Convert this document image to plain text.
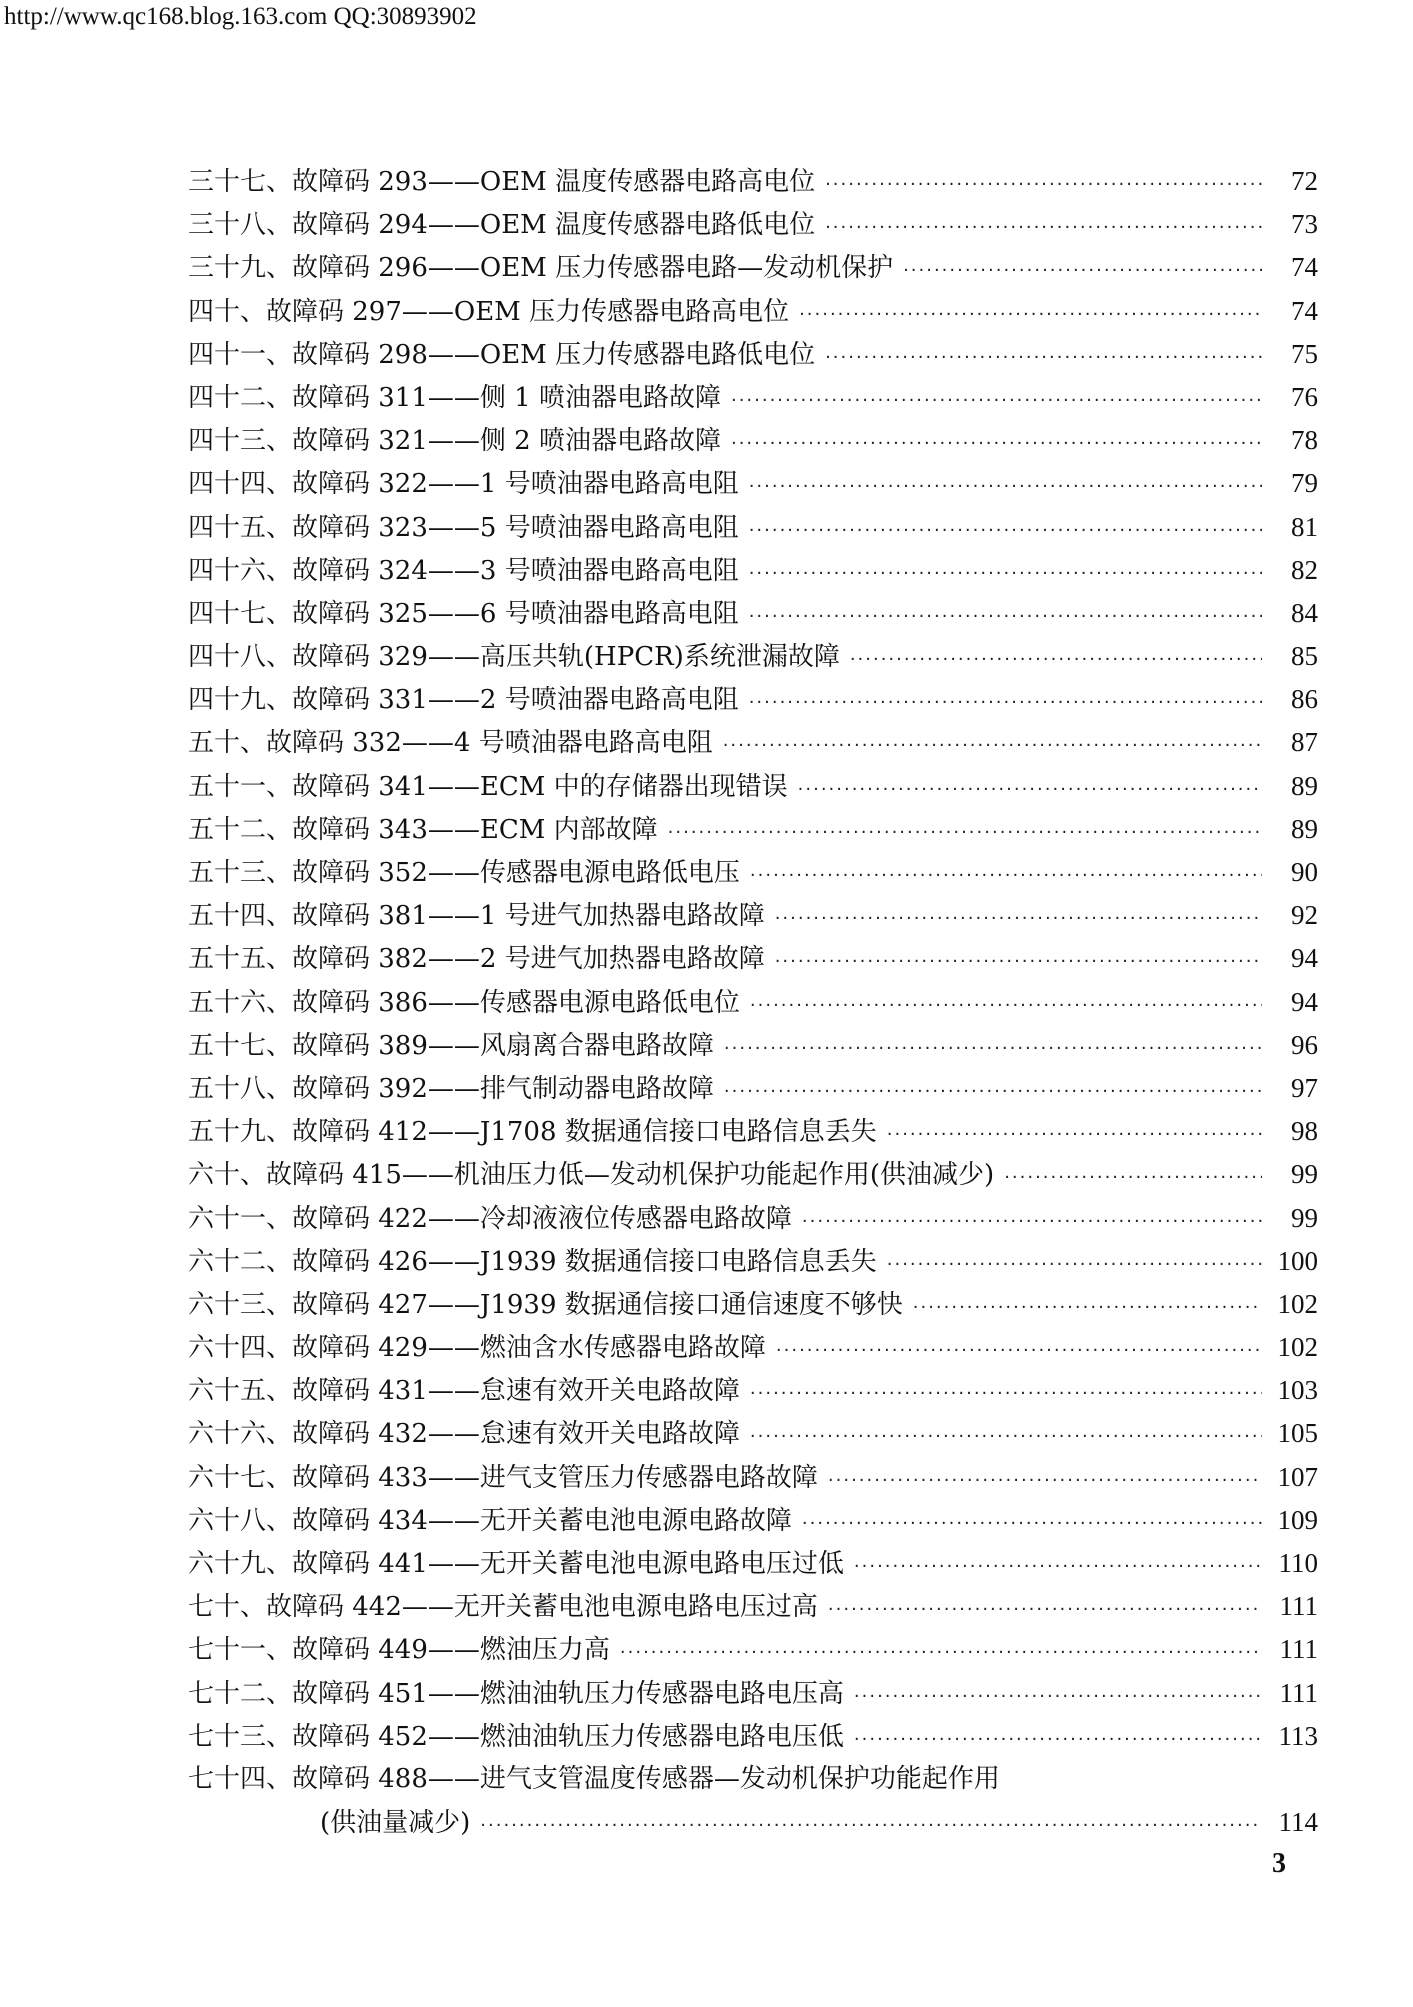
http://www.qc168.blog.163.com QQ:30893902
三十七、故障码 293——OEM 温度传感器电路高电位 ·····	72
三十八、故障码 294——OEM 温度传感器电路低电位 ·····	73
三十九、故障码 296——OEM 压力传感器电路—发动机保护 ·····	74
四十、故障码 297——OEM 压力传感器电路高电位 ·····	74
四十一、故障码 298——OEM 压力传感器电路低电位 ·····	75
四十二、故障码 311——侧 1 喷油器电路故障 ·····	76
四十三、故障码 321——侧 2 喷油器电路故障 ·····	78
四十四、故障码 322——1 号喷油器电路高电阻 ·····	79
四十五、故障码 323——5 号喷油器电路高电阻 ·····	81
四十六、故障码 324——3 号喷油器电路高电阻 ·····	82
四十七、故障码 325——6 号喷油器电路高电阻 ·····	84
四十八、故障码 329——高压共轨(HPCR)系统泄漏故障 ·····	85
四十九、故障码 331——2 号喷油器电路高电阻 ·····	86
五十、故障码 332——4 号喷油器电路高电阻 ·····	87
五十一、故障码 341——ECM 中的存储器出现错误 ·····	89
五十二、故障码 343——ECM 内部故障 ·····	89
五十三、故障码 352——传感器电源电路低电压 ·····	90
五十四、故障码 381——1 号进气加热器电路故障 ·····	92
五十五、故障码 382——2 号进气加热器电路故障 ·····	94
五十六、故障码 386——传感器电源电路低电位 ·····	94
五十七、故障码 389——风扇离合器电路故障 ·····	96
五十八、故障码 392——排气制动器电路故障 ·····	97
五十九、故障码 412——J1708 数据通信接口电路信息丢失 ·····	98
六十、故障码 415——机油压力低—发动机保护功能起作用(供油减少) ·····	99
六十一、故障码 422——冷却液液位传感器电路故障 ·····	99
六十二、故障码 426——J1939 数据通信接口电路信息丢失 ·····	100
六十三、故障码 427——J1939 数据通信接口通信速度不够快 ·····	102
六十四、故障码 429——燃油含水传感器电路故障 ·····	102
六十五、故障码 431——怠速有效开关电路故障 ·····	103
六十六、故障码 432——怠速有效开关电路故障 ·····	105
六十七、故障码 433——进气支管压力传感器电路故障 ·····	107
六十八、故障码 434——无开关蓄电池电源电路故障 ·····	109
六十九、故障码 441——无开关蓄电池电源电路电压过低 ·····	110
七十、故障码 442——无开关蓄电池电源电路电压过高 ·····	111
七十一、故障码 449——燃油压力高 ·····	111
七十二、故障码 451——燃油油轨压力传感器电路电压高 ·····	111
七十三、故障码 452——燃油油轨压力传感器电路电压低 ·····	113
七十四、故障码 488——进气支管温度传感器—发动机保护功能起作用
(供油量减少) ·····	114
3
